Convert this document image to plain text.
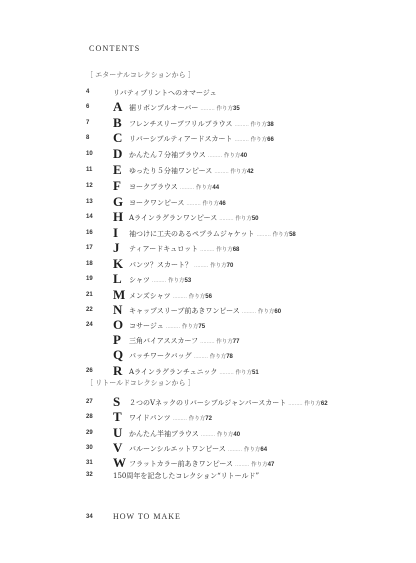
CONTENTS
［ エターナルコレクションから ］
4	リバティプリントへのオマージュ
6 A 裾リボンプルオーバー ……… 作り方35
7 B フレンチスリーブフリルブラウス ……… 作り方38
8 C リバーシブルティアードスカート ……… 作り方66
10 D かんたん７分袖ブラウス ……… 作り方40
11 E ゆったり５分袖ワンピース ……… 作り方42
12 F ヨークブラウス ……… 作り方44
13 G ヨークワンピース ……… 作り方46
14 H Aラインラグランワンピース ……… 作り方50
16 I 袖つけに工夫のあるペプラムジャケット ……… 作り方58
17 J ティアードキュロット ……… 作り方68
18 K パンツ？スカート？ ……… 作り方70
19 L シャツ ……… 作り方53
21 M メンズシャツ ……… 作り方56
22 N キャップスリーブ前あきワンピース ……… 作り方60
24 O コサージュ ……… 作り方75
P 三角バイアススカーフ ……… 作り方77
Q パッチワークバッグ ……… 作り方78
26 R Aラインラグランチュニック ……… 作り方51
27 S ２つのVネックのリバーシブルジャンパースカート ……… 作り方62
28 T ワイドパンツ ……… 作り方72
29 U かんたん半袖ブラウス ……… 作り方40
30 V バルーンシルエットワンピース ……… 作り方64
31 W フラットカラー前あきワンピース ……… 作り方47
［ リトールドコレクションから ］
32	150周年を記念したコレクション“リトールド”
34	HOW TO MAKE
